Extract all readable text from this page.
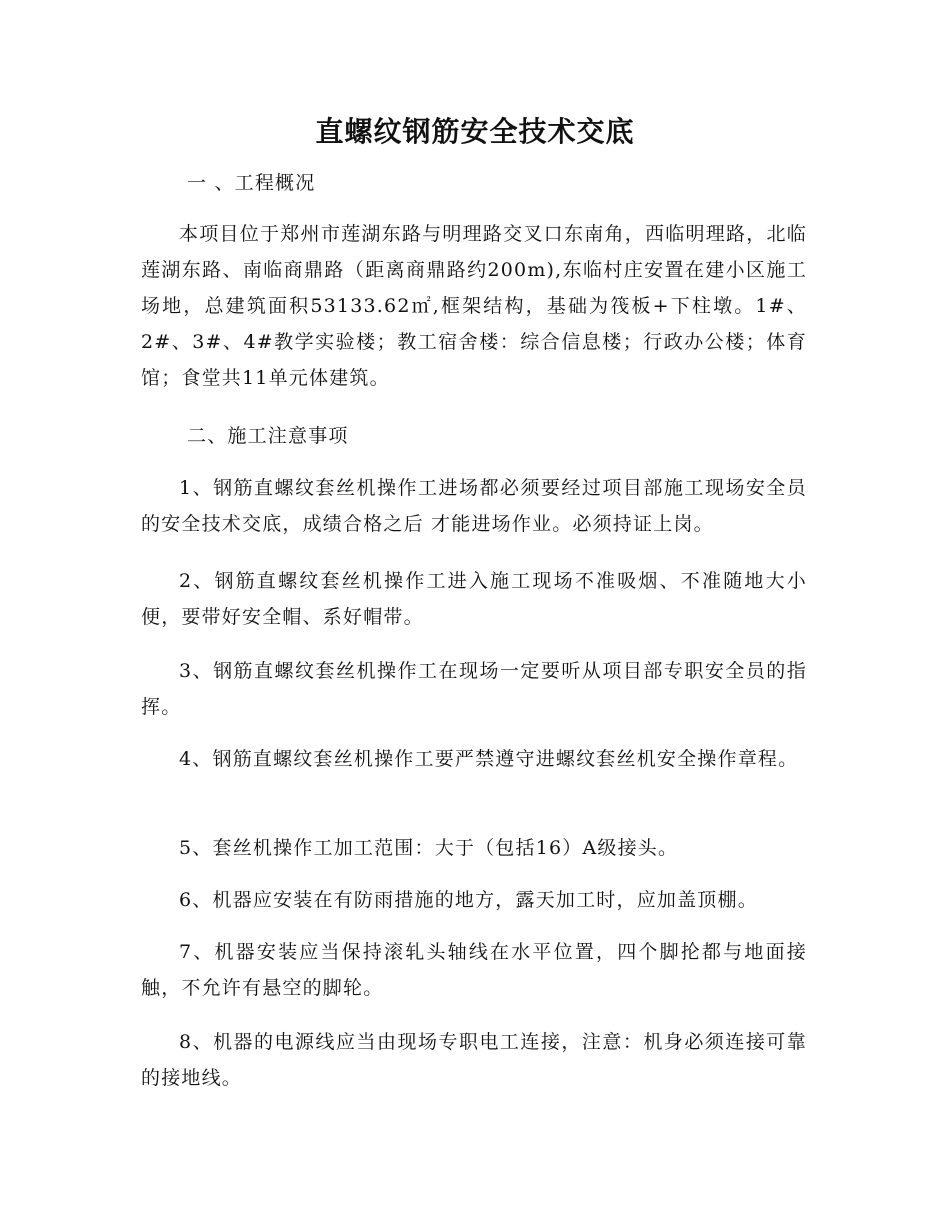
直螺纹钢筋安全技术交底
一 、工程概况

本项目位于郑州市莲湖东路与明理路交叉口东南角，西临明理路，北临莲湖东路、南临商鼎路（距离商鼎路约200m),东临村庄安置在建小区施工场地，总建筑面积53133.62㎡,框架结构，基础为筏板+下柱墩。1#、2#、3#、4#教学实验楼；教工宿舍楼：综合信息楼；行政办公楼；体育馆；食堂共11单元体建筑。

二、施工注意事项

1、钢筋直螺纹套丝机操作工进场都必须要经过项目部施工现场安全员的安全技术交底，成绩合格之后 才能进场作业。必须持证上岗。

2、钢筋直螺纹套丝机操作工进入施工现场不准吸烟、不准随地大小便，要带好安全帽、系好帽带。

3、钢筋直螺纹套丝机操作工在现场一定要听从项目部专职安全员的指挥。

4、钢筋直螺纹套丝机操作工要严禁遵守进螺纹套丝机安全操作章程。

5、套丝机操作工加工范围：大于（包括16）A级接头。

6、机器应安装在有防雨措施的地方，露天加工时，应加盖顶棚。

7、机器安装应当保持滚轧头轴线在水平位置，四个脚抡都与地面接触，不允许有悬空的脚轮。

8、机器的电源线应当由现场专职电工连接，注意：机身必须连接可靠的接地线。
